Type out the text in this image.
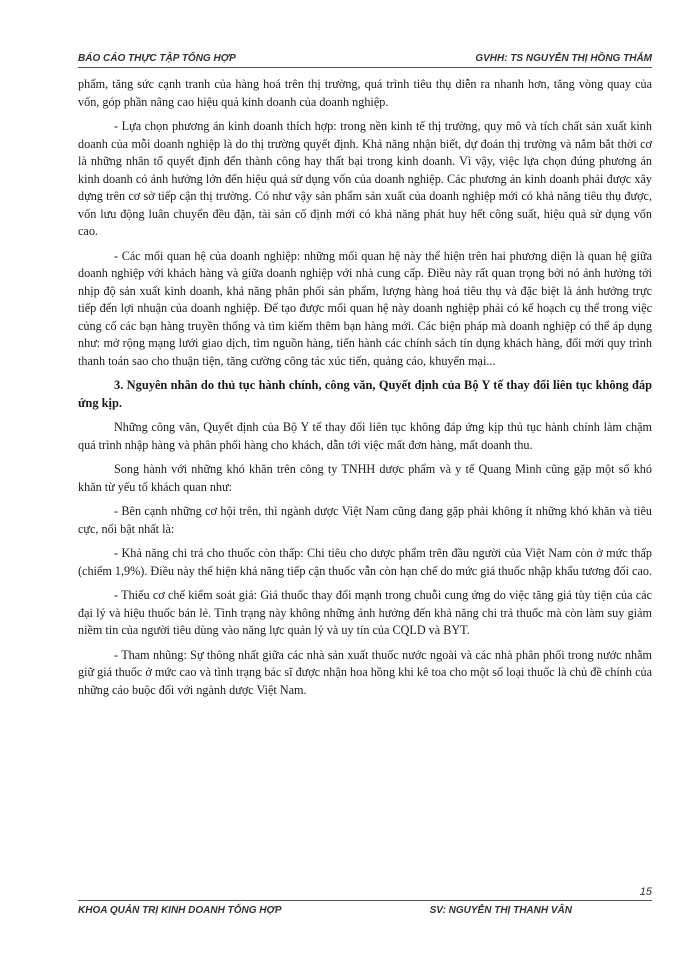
BÁO CÁO THỰC TẬP TỔNG HỢP	GVHH: TS NGUYỄN THỊ HỒNG THẮM

phẩm, tăng sức cạnh tranh của hàng hoá trên thị trường, quá trình tiêu thụ diễn ra nhanh hơn, tăng vòng quay của vốn, góp phần nâng cao hiệu quả kinh doanh của doanh nghiệp.

- Lựa chọn phương án kinh doanh thích hợp: trong nền kinh tế thị trường, quy mô và tích chất sản xuất kinh doanh của mỗi doanh nghiệp là do thị trường quyết định. Khả năng nhận biết, dự đoán thị trường và nắm bắt thời cơ là những nhân tố quyết định đến thành công hay thất bại trong kinh doanh. Vì vậy, việc lựa chọn đúng phương án kinh doanh có ảnh hưởng lớn đến hiệu quả sử dụng vốn của doanh nghiệp. Các phương án kinh doanh phải được xây dựng trên cơ sở tiếp cận thị trường. Có như vậy sản phẩm sản xuất của doanh nghiệp mới có khả năng tiêu thụ được, vốn lưu động luân chuyển đều đặn, tài sản cố định mới có khả năng phát huy hết công suất, hiệu quả sử dụng vốn cao.

- Các mối quan hệ của doanh nghiệp: những mối quan hệ này thể hiện trên hai phương diện là quan hệ giữa doanh nghiệp với khách hàng và giữa doanh nghiệp với nhà cung cấp. Điều này rất quan trọng bởi nó ảnh hưởng tới nhịp độ sản xuất kinh doanh, khả năng phân phối sản phẩm, lượng hàng hoá tiêu thụ và đặc biệt là ảnh hưởng trực tiếp đến lợi nhuận của doanh nghiệp. Để tạo được mối quan hệ này doanh nghiệp phải có kế hoạch cụ thể trong việc củng cố các bạn hàng truyền thống và tìm kiếm thêm bạn hàng mới. Các biện pháp mà doanh nghiệp có thể áp dụng như: mở rộng mạng lưới giao dịch, tìm nguồn hàng, tiến hành các chính sách tín dụng khách hàng, đổi mới quy trình thanh toán sao cho thuận tiện, tăng cường công tác xúc tiến, quảng cáo, khuyến mại...

3. Nguyên nhân do thủ tục hành chính, công văn, Quyết định của Bộ Y tế thay đổi liên tục không đáp ứng kịp.

Những công văn, Quyết định của Bộ Y tế thay đổi liên tục không đáp ứng kịp thủ tục hành chính làm chậm quá trình nhập hàng và phân phối hàng cho khách, dẫn tới việc mất đơn hàng, mất doanh thu.

Song hành với những khó khăn trên công ty TNHH dược phẩm và y tế Quang Minh cũng gặp một số khó khăn từ yếu tố khách quan như:

- Bên cạnh những cơ hội trên, thì ngành dược Việt Nam cũng đang gặp phải không ít những khó khăn và tiêu cực, nổi bật nhất là:

- Khả năng chi trả cho thuốc còn thấp: Chi tiêu cho dược phẩm trên đầu người của Việt Nam còn ở mức thấp (chiếm 1,9%). Điều này thể hiện khả năng tiếp cận thuốc vẫn còn hạn chế do mức giá thuốc nhập khẩu tương đối cao.

- Thiếu cơ chế kiểm soát giá: Giá thuốc thay đổi mạnh trong chuỗi cung ứng do việc tăng giá tùy tiện của các đại lý và hiệu thuốc bán lẻ. Tình trạng này không những ảnh hưởng đến khả năng chi trả thuốc mà còn làm suy giảm niềm tin của người tiêu dùng vào năng lực quản lý và uy tín của CQLD và BYT.

- Tham nhũng: Sự thông nhất giữa các nhà sản xuất thuốc nước ngoài và các nhà phân phối trong nước nhằm giữ giá thuốc ở mức cao và tình trạng bác sĩ được nhận hoa hồng khi kê toa cho một số loại thuốc là chủ đề chính của những cáo buộc đối với ngành dược Việt Nam.

15
KHOA QUẢN TRỊ KINH DOANH TỔNG HỢP	SV: NGUYỄN THỊ THANH VÂN
